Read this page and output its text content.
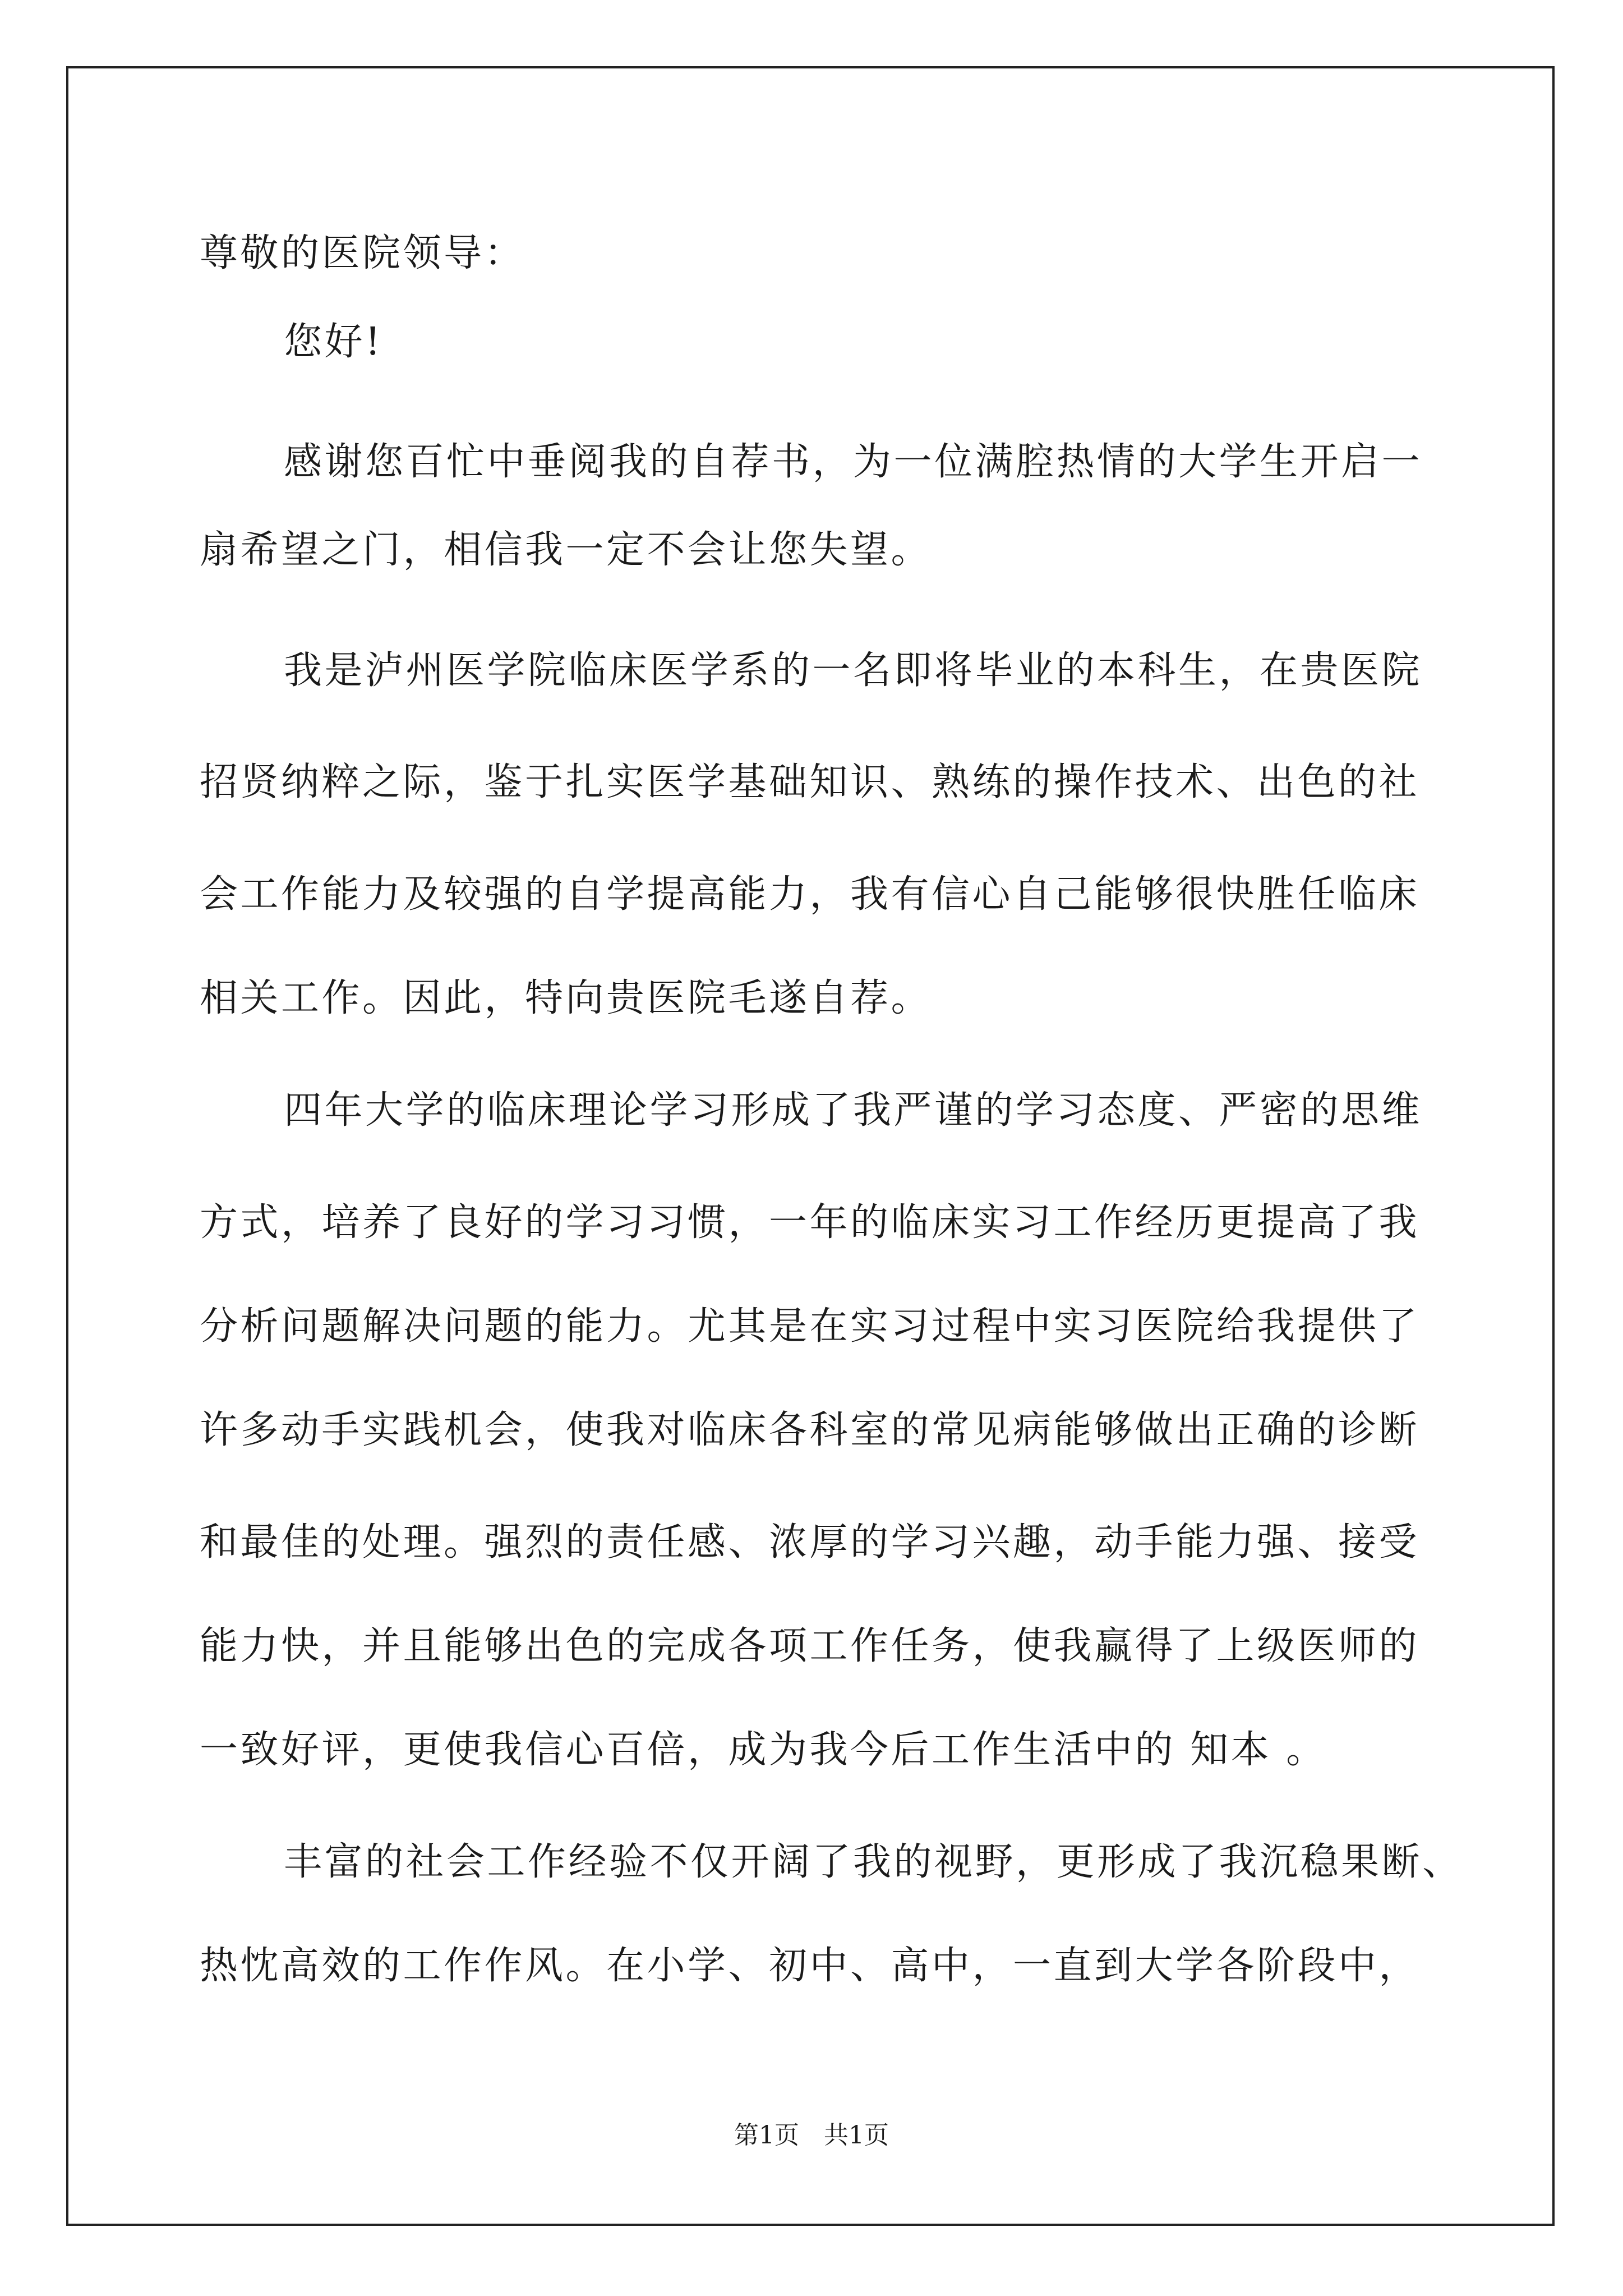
尊敬的医院领导：
您好!
感谢您百忙中垂阅我的自荐书，为一位满腔热情的大学生开启一
扇希望之门，相信我一定不会让您失望。
我是泸州医学院临床医学系的一名即将毕业的本科生，在贵医院
招贤纳粹之际，鉴于扎实医学基础知识、熟练的操作技术、出色的社
会工作能力及较强的自学提高能力，我有信心自己能够很快胜任临床
相关工作。因此，特向贵医院毛遂自荐。
四年大学的临床理论学习形成了我严谨的学习态度、严密的思维
方式，培养了良好的学习习惯，一年的临床实习工作经历更提高了我
分析问题解决问题的能力。尤其是在实习过程中实习医院给我提供了
许多动手实践机会，使我对临床各科室的常见病能够做出正确的诊断
和最佳的处理。强烈的责任感、浓厚的学习兴趣，动手能力强、接受
能力快，并且能够出色的完成各项工作任务，使我赢得了上级医师的
一致好评，更使我信心百倍，成为我今后工作生活中的 知本 。
丰富的社会工作经验不仅开阔了我的视野，更形成了我沉稳果断、
热忱高效的工作作风。在小学、初中、高中，一直到大学各阶段中，
第1页　共1页
